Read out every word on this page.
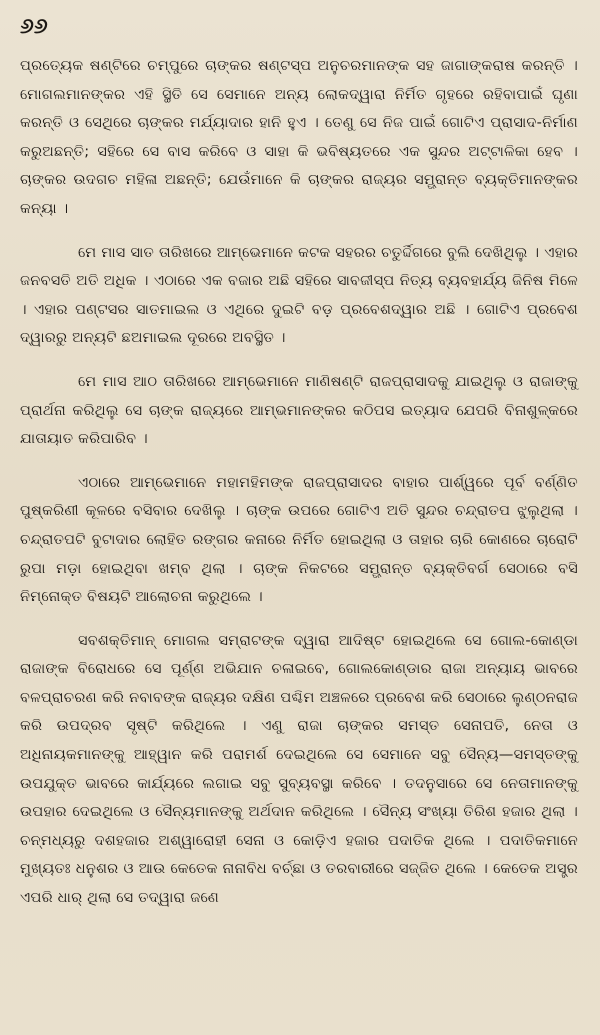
୬୬

ପ୍ରତ୍ୟେକ ଷଣ୍ଟିରେ ଚମ୍ପୁରେ ଚାଙ୍କର ଷଣ୍ଟସ୍ପ ଅନୁଚରମାନଙ୍କ ସହ ଜାଗାଙ୍କରାଷ କରନ୍ତି । ମୋଗଲମାନଙ୍କର ଏହି ସ୍ଥିତି ସେ ସେମାନେ ଅନ୍ୟ ଲୋକଦ୍ୱାରା ନିର୍ମିତ ଗୃହରେ ରହିବାପାଇଁ ଘୃଣା କରନ୍ତି ଓ ସେଥିରେ ଚାଙ୍କର ମର୍ଯ୍ୟାଦାର ହାନି ହୁଏ । ତେଣୁ ସେ ନିଜ ପାଇଁ ଗୋଟିଏ ପ୍ରାସାଦ-ନିର୍ମାଣ କରୁଅଛନ୍ତି; ସହିରେ ସେ ବାସ କରିବେ ଓ ସାହା କି ଭବିଷ୍ୟତରେ ଏକ ସୁନ୍ଦର ଅଟ୍ଟାଳିକା ହେବ । ଚାଙ୍କର ଉଦଗଚ ମହିଳା ଅଛନ୍ତି; ଯେଉଁମାନେ କି ଚାଙ୍କର ରାଜ୍ୟର ସମ୍ଭ୍ରାନ୍ତ ବ୍ୟକ୍ତିମାନଙ୍କର କନ୍ୟା ।

ମେ ମାସ ସାତ ତାରିଖରେ ଆମ୍ଭେମାନେ କଟକ ସହରର ଚତୁର୍ଦ୍ଦିଗରେ ବୁଲି ଦେଖିଥିଲୁ । ଏହାର ଜନବସତି ଅତି ଅଧିକ । ଏଠାରେ ଏକ ବଜାର ଅଛି ସହିରେ ସାବଜୀସ୍ପ ନିତ୍ୟ ବ୍ୟବହାର୍ଯ୍ୟ ଜିନିଷ ମିଳେ । ଏହାର ପଣ୍ଟସର ସାତମାଇଲ ଓ ଏଥିରେ ଦୁଇଟି ବଡ଼ ପ୍ରବେଶଦ୍ୱାର ଅଛି । ଗୋଟିଏ ପ୍ରବେଶ ଦ୍ୱାରରୁ ଅନ୍ୟଟି ଛଅମାଇଲ ଦୂରରେ ଅବସ୍ଥିତ ।

ମେ ମାସ ଆଠ ତାରିଖରେ ଆମ୍ଭେମାନେ ମାଣିଷଣ୍ଟି ରାଜପ୍ରାସାଦକୁ ଯାଇଥିଲୁ ଓ ରାଜାଙ୍କୁ ପ୍ରାର୍ଥନା କରିଥିଲୁ ସେ ଚାଙ୍କ ରାଜ୍ୟରେ ଆମ୍ଭମାନଙ୍କର କଠିପସ ଇତ୍ୟାଦ ଯେପରି ବିନାଶୁଳ୍କରେ ଯାତାୟାତ କରିପାରିବ ।

ଏଠାରେ ଆମ୍ଭେମାନେ ମହାମହିମଙ୍କ ରାଜପ୍ରାସାଦର ବାହାର ପାର୍ଶ୍ୱରେ ପୂର୍ବ ବର୍ଣ୍ଣିତ ପୁଷ୍କରିଣୀ କୂଳରେ ବସିବାର ଦେଖିଲୁ । ଚାଙ୍କ ଉପରେ ଗୋଟିଏ ଅତି ସୁନ୍ଦର ଚନ୍ଦ୍ରାତପ ଝୁଲୁଥିଲା । ଚନ୍ଦ୍ରାତପଟି ବୁଟାଦାର ଲୋହିତ ରଙ୍ଗର କନାରେ ନିର୍ମିତ ହୋଇଥିଲା ଓ ତାହାର ଚାରି କୋଣରେ ଚାରୋଟି ରୁପା ମଡ଼ା ହୋଇଥିବା ଖମ୍ବ ଥିଲା । ଚାଙ୍କ ନିକଟରେ ସମ୍ଭ୍ରାନ୍ତ ବ୍ୟକ୍ତିବର୍ଗ ସେଠାରେ ବସି ନିମ୍ନୋକ୍ତ ବିଷୟଟି ଆଲୋଚନା କରୁଥିଲେ ।

ସବଶକ୍ତିମାନ୍ ମୋଗଲ ସମ୍ରାଟଙ୍କ ଦ୍ୱାରା ଆଦିଷ୍ଟ ହୋଇଥିଲେ ସେ ଗୋଲ-କୋଣ୍ଡା ରାଜାଙ୍କ ବିରୋଧରେ ସେ ପୂର୍ଣ୍ଣ ଅଭିଯାନ ଚଳାଇବେ, ଗୋଲକୋଣ୍ଡାର ରାଜା ଅନ୍ୟାୟ ଭାବରେ ବଳପ୍ରାଚରଣ କରି ନବାବଙ୍କ ରାଜ୍ୟର ଦକ୍ଷିଣ ପଶ୍ଚିମ ଅଞ୍ଚଳରେ ପ୍ରବେଶ କରି ସେଠାରେ ଲୁଣ୍ଠନରାଜ କରି ଉପଦ୍ରବ ସୃଷ୍ଟି କରିଥିଲେ । ଏଣୁ ରାଜା ଚାଙ୍କର ସମସ୍ତ ସେନାପତି, ନେତା ଓ ଅଧିନାୟକମାନଙ୍କୁ ଆହ୍ୱାନ କରି ପରାମର୍ଶ ଦେଇଥିଲେ ସେ ସେମାନେ ସବୁ ସୈନ୍ୟ—ସମସ୍ତଙ୍କୁ ଉପଯୁକ୍ତ ଭାବରେ କାର୍ଯ୍ୟରେ ଲଗାଇ ସବୁ ସୁବ୍ୟବସ୍ଥା କରିବେ । ତଦନୁସାରେ ସେ ନେତାମାନଙ୍କୁ ଉପହାର ଦେଇଥିଲେ ଓ ସୈନ୍ୟମାନଙ୍କୁ ଅର୍ଥଦାନ କରିଥିଲେ । ସୈନ୍ୟ ସଂଖ୍ୟା ତିରିଶ ହଜାର ଥିଲା । ଚନ୍ମଧ୍ୟରୁ ଦଶହଜାର ଅଶ୍ୱାରୋହୀ ସେନା ଓ କୋଡ଼ିଏ ହଜାର ପଦାତିକ ଥିଲେ । ପଦାତିକମାନେ ମୁଖ୍ୟତଃ ଧନୁଶର ଓ ଆଉ କେତେକ ନାନାବିଧ ବର୍ଚ୍ଛା ଓ ତରବାରୀରେ ସଜ୍ଜିତ ଥିଲେ । କେତେକ ଅସ୍ତ୍ର ଏପରି ଧାର୍ ଥିଲା ସେ ତଦ୍ୱାରା ଜଣେ
